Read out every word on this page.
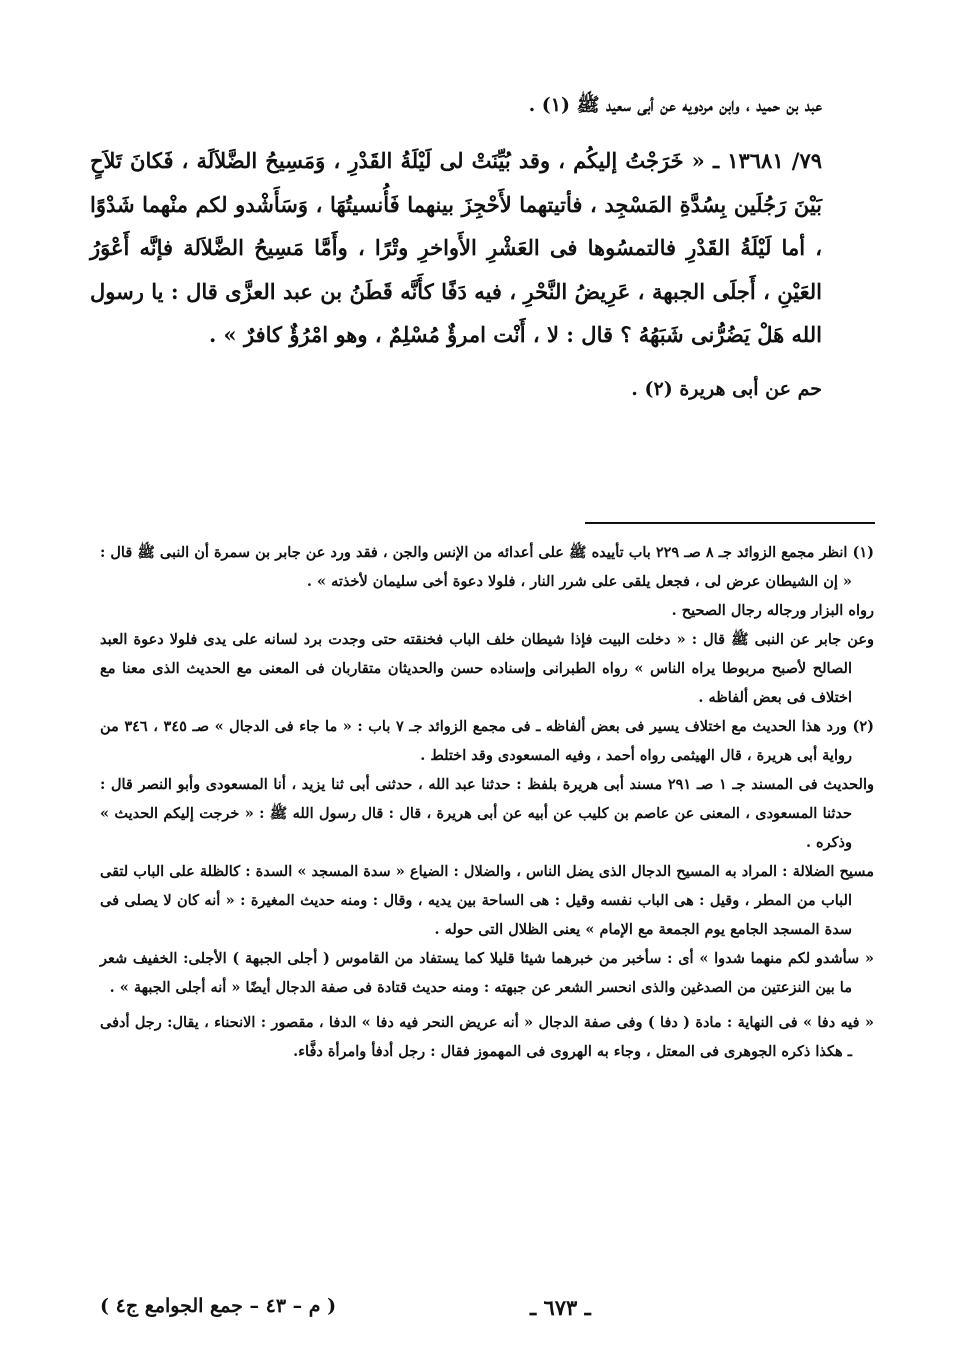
عبد بن حميد ، وابن مردويه عن أبى سعيد ﷺ (١) .

٧٩/ ١٣٦٨١ ـ « خَرَجْتُ إليكُم ، وقد بُيِّنَتْ لى لَيْلَةُ القَدْرِ ، وَمَسِيحُ الضَّلاَلَة ، فَكانَ تَلاَحٍ بَيْنَ رَجُلَين بِسُدَّةِ المَسْجِد ، فأتيتهما لأَحْجِزَ بينهما فَأُنسيتُهَا ، وَسَأَشْدو لكم منْهما شَدْوًا ، أما لَيْلَةُ القَدْرِ فالتمسُوها فى العَشْرِ الأَواخرِ وتْرًا ، وأَمَّا مَسِيحُ الضَّلاَلة فإنَّه أَعْوَرُ العَيْنِ ، أَجلَى الجبهة ، عَرِيضُ النَّحْرِ ، فيه دَفًا كأَنَّه قَطَنُ بن عبد العزَّى قال : يا رسول الله هَلْ يَضُرُّنى شَبَهُهُ ؟ قال : لا ، أَنْت امرؤٌ مُسْلِمٌ ، وهو امْرُؤٌ كافرٌ » .

حم عن أبى هريرة (٢) .

(١) انظر مجمع الزوائد جـ ٨ صـ ٢٢٩ باب تأييده ﷺ على أعدائه من الإنس والجن ، فقد ورد عن جابر بن سمرة أن النبى ﷺ قال : « إن الشيطان عرض لى ، فجعل يلقى على شرر النار ، فلولا دعوة أخى سليمان لأخذته » .

رواه البزار ورجاله رجال الصحيح .

وعن جابر عن النبى ﷺ قال : « دخلت البيت فإذا شيطان خلف الباب فخنقته حتى وجدت برد لسانه على يدى فلولا دعوة العبد الصالح لأصبح مربوطا يراه الناس » رواه الطبرانى وإسناده حسن والحديثان متقاربان فى المعنى مع الحديث الذى معنا مع اختلاف فى بعض ألفاظه .

(٢) ورد هذا الحديث مع اختلاف يسير فى بعض ألفاظه ـ فى مجمع الزوائد جـ ٧ باب : « ما جاء فى الدجال » صـ ٣٤٥ ، ٣٤٦ من رواية أبى هريرة ، قال الهيثمى رواه أحمد ، وفيه المسعودى وقد اختلط .

والحديث فى المسند جـ ١ صـ ٢٩١ مسند أبى هريرة بلفظ : حدثنا عبد الله ، حدثنى أبى ثنا يزيد ، أنا المسعودى وأبو النصر قال : حدثنا المسعودى ، المعنى عن عاصم بن كليب عن أبيه عن أبى هريرة ، قال : قال رسول الله ﷺ : « خرجت إليكم الحديث » وذكره .

مسيح الضلالة : المراد به المسيح الدجال الذى يضل الناس ، والضلال : الضياع « سدة المسجد » السدة : كالظلة على الباب لتقى الباب من المطر ، وقيل : هى الباب نفسه وقيل : هى الساحة بين يديه ، وقال : ومنه حديث المغيرة : « أنه كان لا يصلى فى سدة المسجد الجامع يوم الجمعة مع الإمام » يعنى الظلال التى حوله .

« سأشدو لكم منهما شدوا » أى : سأخبر من خبرهما شيئا قليلا كما يستفاد من القاموس ( أجلى الجبهة ) الأجلى: الخفيف شعر ما بين النزعتين من الصدغين والذى انحسر الشعر عن جبهته : ومنه حديث قتادة فى صفة الدجال أيضًا « أنه أجلى الجبهة » .

« فيه دفا » فى النهاية : مادة ( دفا ) وفى صفة الدجال « أنه عريض النحر فيه دفا » الدفا ، مقصور : الانحناء ، يقال: رجل أدفى ـ هكذا ذكره الجوهرى فى المعتل ، وجاء به الهروى فى المهموز فقال : رجل أدفأ وامرأة دفَّاء.

ـ ٦٧٣ ـ
( م – ٤٣ – جمع الجوامع ج٤ )
